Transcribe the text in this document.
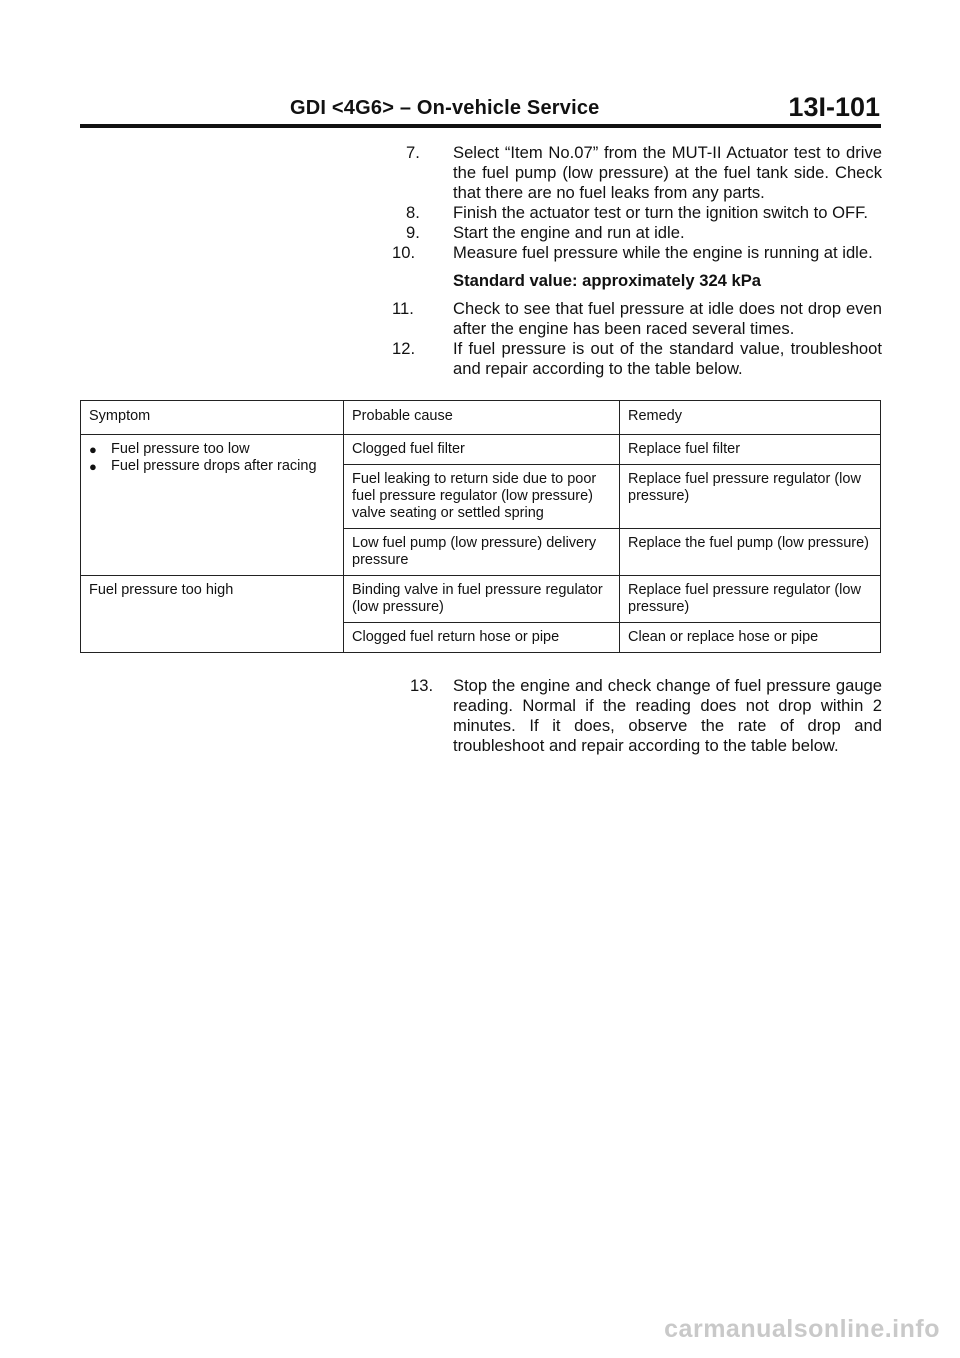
GDI <4G6> – On-vehicle Service	13I-101
7.	Select “Item No.07” from the MUT-II Actuator test to drive the fuel pump (low pressure) at the fuel tank side. Check that there are no fuel leaks from any parts.
8.	Finish the actuator test or turn the ignition switch to OFF.
9.	Start the engine and run at idle.
10.	Measure fuel pressure while the engine is running at idle.
Standard value: approximately 324 kPa
11.	Check to see that fuel pressure at idle does not drop even after the engine has been raced several times.
12.	If fuel pressure is out of the standard value, troubleshoot and repair according to the table below.
Symptom	Probable cause	Remedy

● Fuel pressure too low
● Fuel pressure drops after racing	Clogged fuel filter	Replace fuel filter
	Fuel leaking to return side due to poor fuel pressure regulator (low pressure) valve seating or settled spring	Replace fuel pressure regulator (low pressure)
	Low fuel pump (low pressure) delivery pressure	Replace the fuel pump (low pressure)
Fuel pressure too high	Binding valve in fuel pressure regulator (low pressure)	Replace fuel pressure regulator (low pressure)
	Clogged fuel return hose or pipe	Clean or replace hose or pipe
13.	Stop the engine and check change of fuel pressure gauge reading. Normal if the reading does not drop within 2 minutes. If it does, observe the rate of drop and troubleshoot and repair according to the table below.
carmanualsonline.info
